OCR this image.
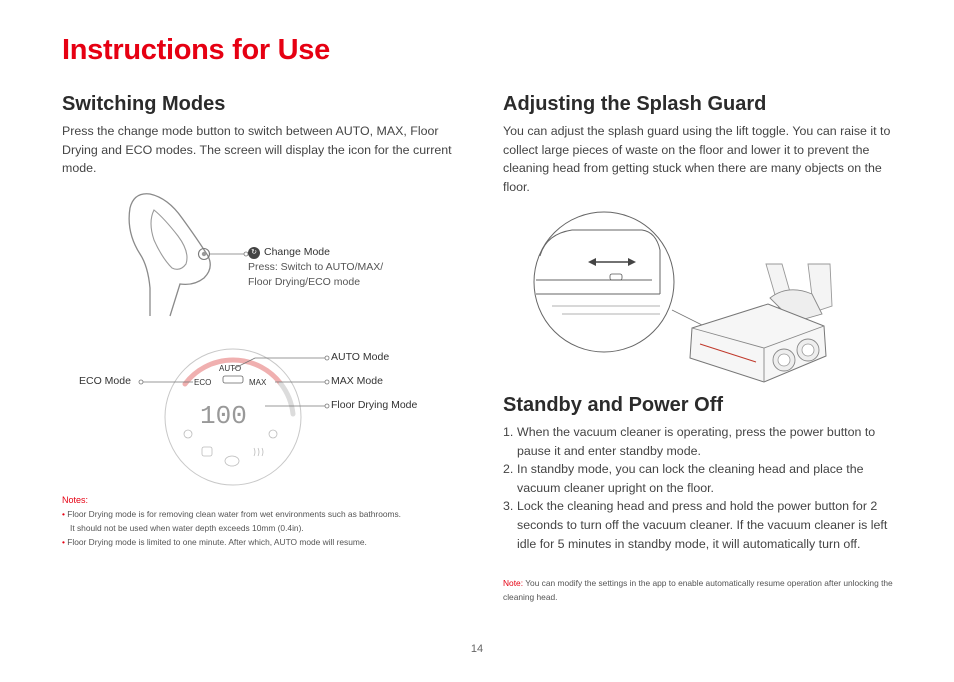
Instructions for Use
Switching Modes

Press the change mode button to switch between AUTO, MAX, Floor Drying and ECO modes. The screen will display the icon for the current mode.

↻ Change Mode
Press: Switch to AUTO/MAX/
Floor Drying/ECO mode
100
AUTO
ECO	MAX
AUTO Mode
ECO Mode	MAX Mode
Floor Drying Mode
Notes:
• Floor Drying mode is for removing clean water from wet environments such as bathrooms.
It should not be used when water depth exceeds 10mm (0.4in).
• Floor Drying mode is limited to one minute. After which, AUTO mode will resume.
Adjusting the Splash Guard

You can adjust the splash guard using the lift toggle. You can raise it to collect large pieces of waste on the floor and lower it to prevent the cleaning head from getting stuck when there are many objects on the floor.

Standby and Power Off
1. When the vacuum cleaner is operating, press the power button to pause it and enter standby mode.
2. In standby mode, you can lock the cleaning head and place the vacuum cleaner upright on the floor.
3. Lock the cleaning head and press and hold the power button for 2 seconds to turn off the vacuum cleaner. If the vacuum cleaner is left idle for 5 minutes in standby mode, it will automatically turn off.
Note: You can modify the settings in the app to enable automatically resume operation after unlocking the cleaning head.
14
